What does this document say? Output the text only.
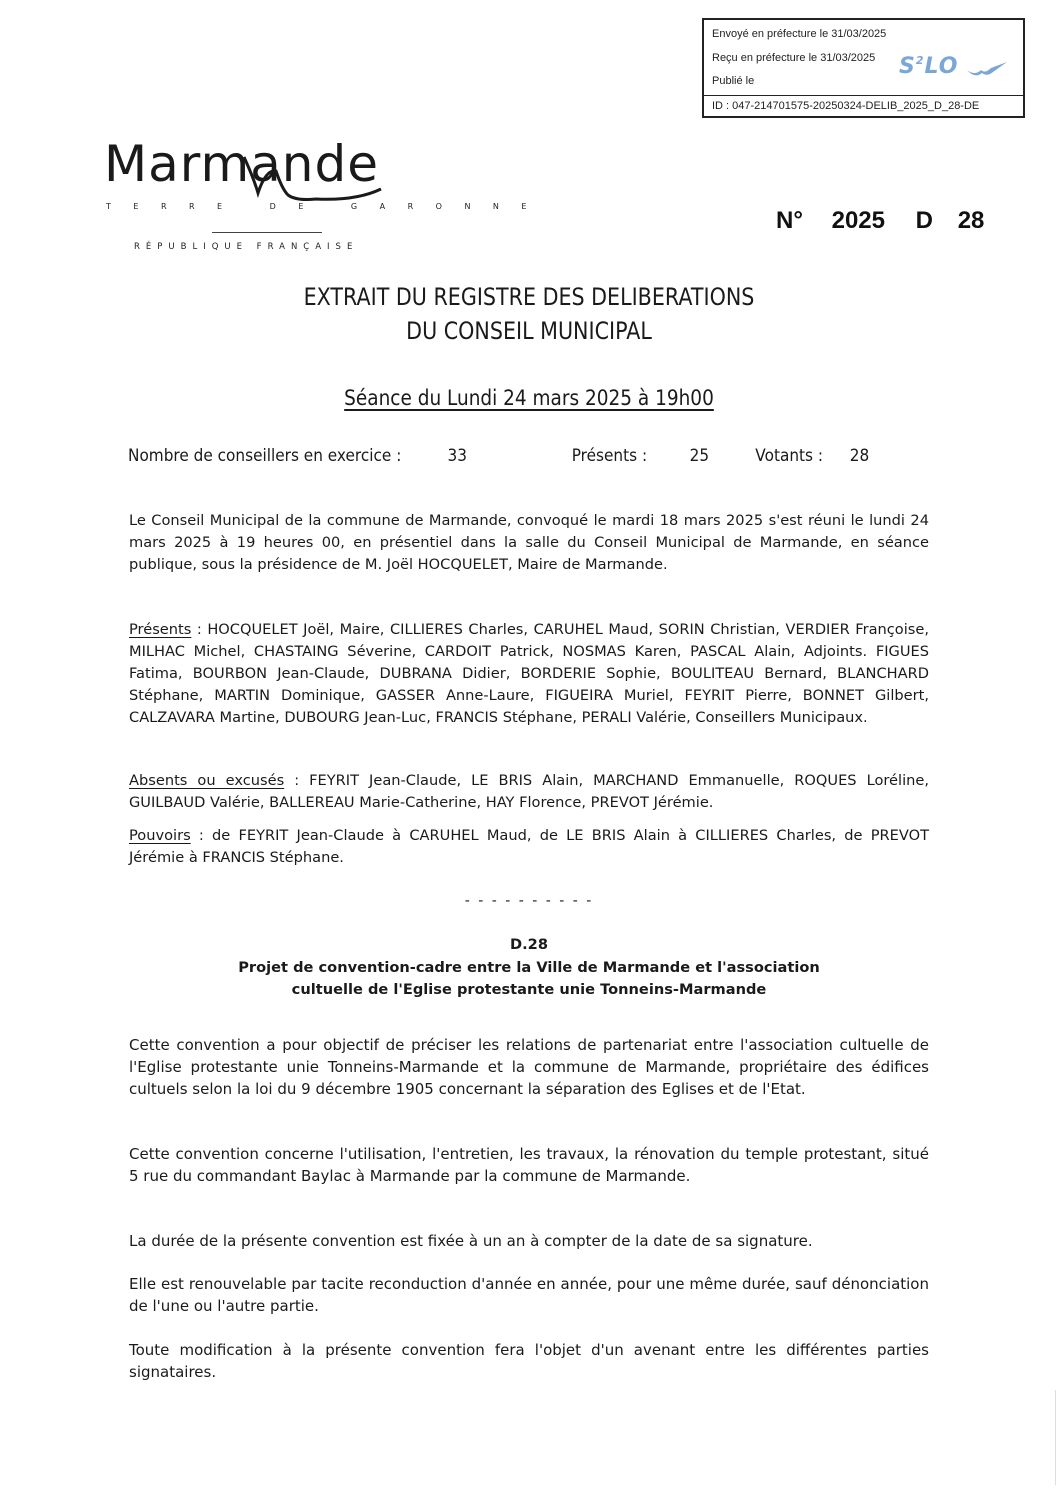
Envoyé en préfecture le 31/03/2025
Reçu en préfecture le 31/03/2025
Publié le
$S^2LO$
ID : 047-214701575-20250324-DELIB_2025_D_28-DE
Marmande
TERRE DE GARONNE
RÉPUBLIQUE FRANÇAISE
N° 2025 D 28
EXTRAIT DU REGISTRE DES DELIBERATIONS
DU CONSEIL MUNICIPAL
Séance du Lundi 24 mars 2025 à 19h00
Nombre de conseillers en exercice :	33	Présents : 25	Votants : 28
Le Conseil Municipal de la commune de Marmande, convoqué le mardi 18 mars 2025 s'est réuni le lundi 24 mars 2025 à 19 heures 00, en présentiel dans la salle du Conseil Municipal de Marmande, en séance publique, sous la présidence de M. Joël HOCQUELET, Maire de Marmande.
Présents : HOCQUELET Joël, Maire, CILLIERES Charles, CARUHEL Maud, SORIN Christian, VERDIER Françoise, MILHAC Michel, CHASTAING Séverine, CARDOIT Patrick, NOSMAS Karen, PASCAL Alain, Adjoints. FIGUES Fatima, BOURBON Jean-Claude, DUBRANA Didier, BORDERIE Sophie, BOULITEAU Bernard, BLANCHARD Stéphane, MARTIN Dominique, GASSER Anne-Laure, FIGUEIRA Muriel, FEYRIT Pierre, BONNET Gilbert, CALZAVARA Martine, DUBOURG Jean-Luc, FRANCIS Stéphane, PERALI Valérie, Conseillers Municipaux.
Absents ou excusés : FEYRIT Jean-Claude, LE BRIS Alain, MARCHAND Emmanuelle, ROQUES Loréline, GUILBAUD Valérie, BALLEREAU Marie-Catherine, HAY Florence, PREVOT Jérémie.
Pouvoirs : de FEYRIT Jean-Claude à CARUHEL Maud, de LE BRIS Alain à CILLIERES Charles, de PREVOT Jérémie à FRANCIS Stéphane.
- - - - - - - - - -
D.28
Projet de convention-cadre entre la Ville de Marmande et l'association
cultuelle de l'Eglise protestante unie Tonneins-Marmande
Cette convention a pour objectif de préciser les relations de partenariat entre l'association cultuelle de l'Eglise protestante unie Tonneins-Marmande et la commune de Marmande, propriétaire des édifices cultuels selon la loi du 9 décembre 1905 concernant la séparation des Eglises et de l'Etat.
Cette convention concerne l'utilisation, l'entretien, les travaux, la rénovation du temple protestant, situé 5 rue du commandant Baylac à Marmande par la commune de Marmande.
La durée de la présente convention est fixée à un an à compter de la date de sa signature.
Elle est renouvelable par tacite reconduction d'année en année, pour une même durée, sauf dénonciation de l'une ou l'autre partie.
Toute modification à la présente convention fera l'objet d'un avenant entre les différentes parties signataires.
